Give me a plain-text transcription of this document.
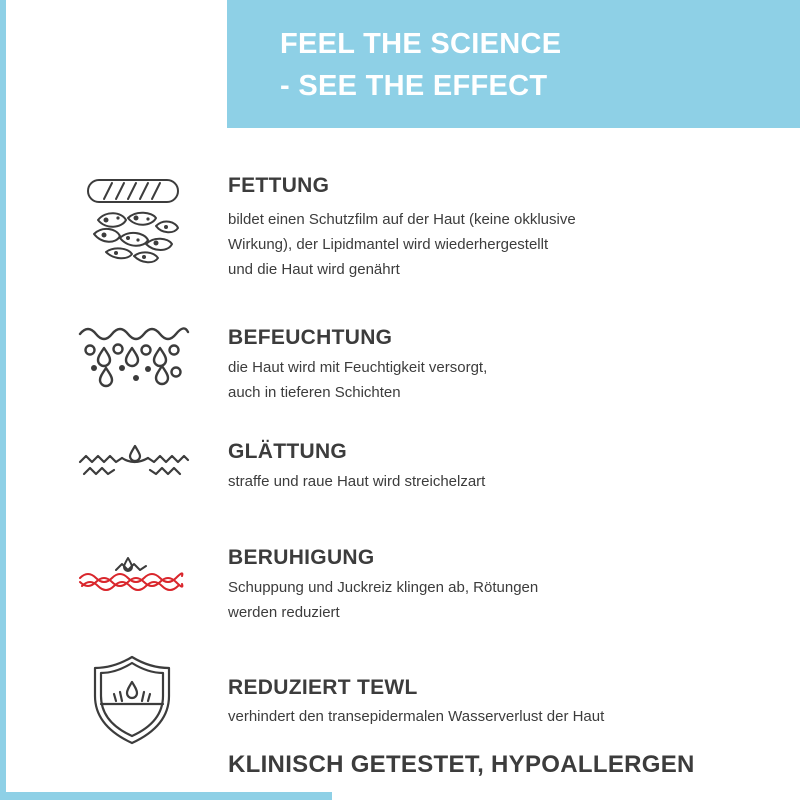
FEEL THE SCIENCE
- SEE THE EFFECT
FETTUNG
bildet einen Schutzfilm auf der Haut (keine okklusive
Wirkung), der Lipidmantel wird wiederhergestellt
und die Haut wird genährt
BEFEUCHTUNG
die Haut wird mit Feuchtigkeit versorgt,
auch in tieferen Schichten
GLÄTTUNG
straffe und raue Haut wird streichelzart
BERUHIGUNG
Schuppung und Juckreiz klingen ab, Rötungen
werden reduziert
REDUZIERT TEWL
verhindert den transepidermalen Wasserverlust der Haut
KLINISCH GETESTET, HYPOALLERGEN
